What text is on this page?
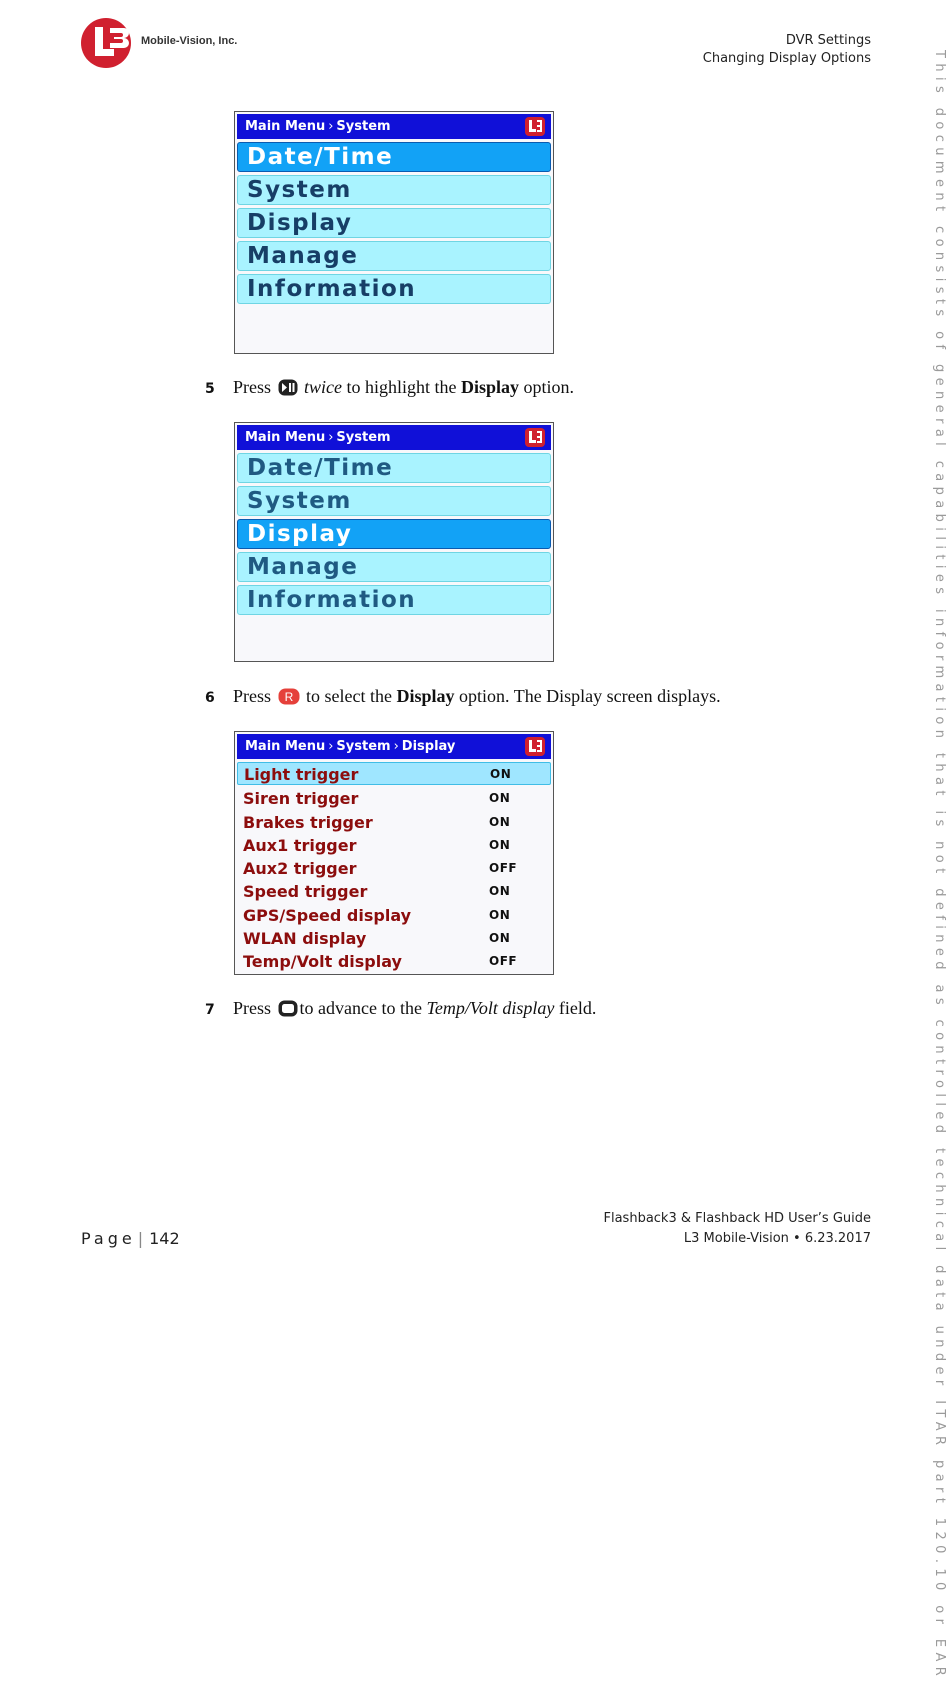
Mobile-Vision, Inc.	DVR Settings
Changing Display Options	This document consists of general capabilities information that is not defined as controlled technical data under ITAR part 120.10 or EAR
Main Menu › System
Date/Time
System
Display
Manage
Information
5 Press twice to highlight the Display option.
Main Menu › System
Date/Time
System
Display
Manage
Information
6 Press R to select the Display option. The Display screen displays.
Main Menu › System › Display
Light trigger	ON
Siren trigger	ON
Brakes trigger	ON
Aux1 trigger	ON
Aux2 trigger	OFF
Speed trigger	ON
GPS/Speed display	ON
WLAN display	ON
Temp/Volt display	OFF
7 Press to advance to the Temp/Volt display field.
Page | 142
Flashback3 & Flashback HD User’s Guide
L3 Mobile-Vision • 6.23.2017
